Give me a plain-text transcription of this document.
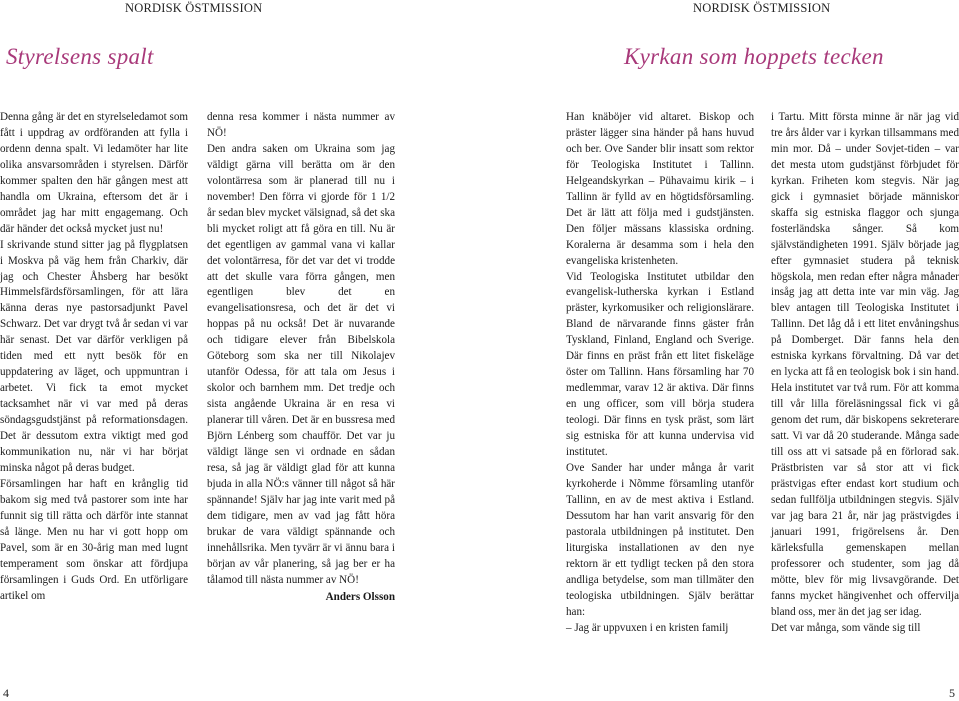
NORDISK ÖSTMISSION	NORDISK ÖSTMISSION
Styrelsens spalt	Kyrkan som hoppets tecken

Denna gång är det en styrelseledamot som fått i uppdrag av ordföranden att fylla i ordenn denna spalt. Vi ledamöter har lite olika ansvarsområden i styrelsen. Därför kommer spalten den här gången mest att handla om Ukraina, eftersom det är i området jag har mitt engagemang. Och där händer det också mycket just nu!

I skrivande stund sitter jag på flygplatsen i Moskva på väg hem från Charkiv, där jag och Chester Åhsberg har besökt Himmelsfärdsförsamlingen, för att lära känna deras nye pastorsadjunkt Pavel Schwarz. Det var drygt två år sedan vi var här senast. Det var därför verkligen på tiden med ett nytt besök för en uppdatering av läget, och uppmuntran i arbetet. Vi fick ta emot mycket tacksamhet när vi var med på deras söndagsgudstjänst på reformationsdagen. Det är dessutom extra viktigt med god kommunikation nu, när vi har börjat minska något på deras budget.

Församlingen har haft en krånglig tid bakom sig med två pastorer som inte har funnit sig till rätta och därför inte stannat så länge. Men nu har vi gott hopp om Pavel, som är en 30-årig man med lugnt temperament som önskar att fördjupa församlingen i Guds Ord. En utförligare artikel om

denna resa kommer i nästa nummer av NÖ!

Den andra saken om Ukraina som jag väldigt gärna vill berätta om är den volontärresa som är planerad till nu i november! Den förra vi gjorde för 1 1/2 år sedan blev mycket välsignad, så det ska bli mycket roligt att få göra en till. Nu är det egentligen av gammal vana vi kallar det volontärresa, för det var det vi trodde att det skulle vara förra gången, men egentligen blev det en evangelisationsresa, och det är det vi hoppas på nu också! Det är nuvarande och tidigare elever från Bibelskola Göteborg som ska ner till Nikolajev utanför Odessa, för att tala om Jesus i skolor och barnhem mm. Det tredje och sista angående Ukraina är en resa vi planerar till våren. Det är en bussresa med Björn Lénberg som chaufför. Det var ju väldigt länge sen vi ordnade en sådan resa, så jag är väldigt glad för att kunna bjuda in alla NÖ:s vänner till något så här spännande! Själv har jag inte varit med på dem tidigare, men av vad jag fått höra brukar de vara väldigt spännande och innehållsrika. Men tyvärr är vi ännu bara i början av vår planering, så jag ber er ha tålamod till nästa nummer av NÖ!

Anders Olsson

Han knäböjer vid altaret. Biskop och präster lägger sina händer på hans huvud och ber. Ove Sander blir insatt som rektor för Teologiska Institutet i Tallinn. Helgeandskyrkan – Pühavaimu kirik – i Tallinn är fylld av en högtidsförsamling. Det är lätt att följa med i gudstjänsten. Den följer mässans klassiska ordning. Koralerna är desamma som i hela den evangeliska kristenheten.

Vid Teologiska Institutet utbildar den evangelisk-lutherska kyrkan i Estland präster, kyrkomusiker och religionslärare. Bland de närvarande finns gäster från Tyskland, Finland, England och Sverige. Där finns en präst från ett litet fiskeläge öster om Tallinn. Hans församling har 70 medlemmar, varav 12 är aktiva. Där finns en ung officer, som vill börja studera teologi. Där finns en tysk präst, som lärt sig estniska för att kunna undervisa vid institutet.

Ove Sander har under många år varit kyrkoherde i Nõmme församling utanför Tallinn, en av de mest aktiva i Estland. Dessutom har han varit ansvarig för den pastorala utbildningen på institutet. Den liturgiska installationen av den nye rektorn är ett tydligt tecken på den stora andliga betydelse, som man tillmäter den teologiska utbildningen. Själv berättar han:

– Jag är uppvuxen i en kristen familj

i Tartu. Mitt första minne är när jag vid tre års ålder var i kyrkan tillsammans med min mor. Då – under Sovjet-tiden – var det mesta utom gudstjänst förbjudet för kyrkan. Friheten kom stegvis. När jag gick i gymnasiet började människor skaffa sig estniska flaggor och sjunga fosterländska sånger. Så kom självständigheten 1991. Själv började jag efter gymnasiet studera på teknisk högskola, men redan efter några månader insåg jag att detta inte var min väg. Jag blev antagen till Teologiska Institutet i Tallinn. Det låg då i ett litet envåningshus på Domberget. Där fanns hela den estniska kyrkans förvaltning. Då var det en lycka att få en teologisk bok i sin hand. Hela institutet var två rum. För att komma till vår lilla föreläsningssal fick vi gå genom det rum, där biskopens sekreterare satt. Vi var då 20 studerande. Många sade till oss att vi satsade på en förlorad sak. Prästbristen var så stor att vi fick prästvigas efter endast kort studium och sedan fullfölja utbildningen stegvis. Själv var jag bara 21 år, när jag prästvigdes i januari 1991, frigörelsens år. Den kärleksfulla gemenskapen mellan professorer och studenter, som jag då mötte, blev för mig livsavgörande. Det fanns mycket hängivenhet och offervilja bland oss, mer än det jag ser idag.

Det var många, som vände sig till

4	5
